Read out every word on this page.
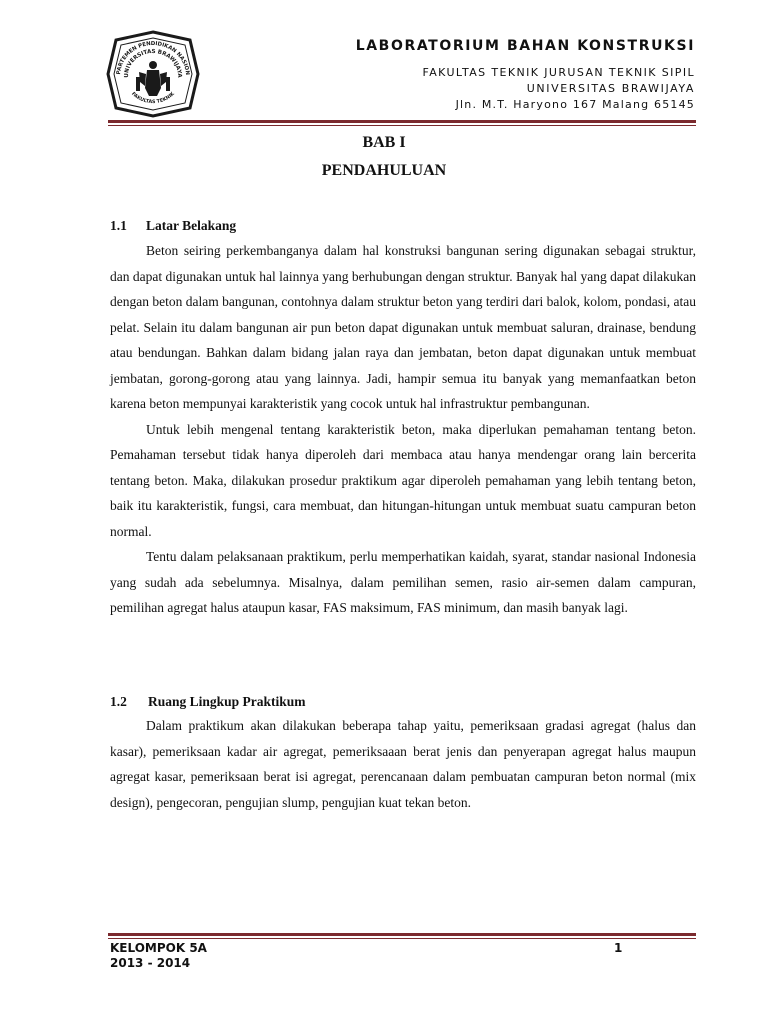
PARTEMEN PENDIDIKAN NASION
UNIVERSITAS BRAWIJAYA
FAKULTAS TEKNIK
LABORATORIUM BAHAN KONSTRUKSI
FAKULTAS TEKNIK JURUSAN TEKNIK SIPIL
UNIVERSITAS BRAWIJAYA
Jln. M.T. Haryono 167 Malang 65145
BAB I
PENDAHULUAN

1.1 Latar Belakang

Beton seiring perkembanganya dalam hal konstruksi bangunan sering digunakan sebagai struktur, dan dapat digunakan untuk hal lainnya yang berhubungan dengan struktur. Banyak hal yang dapat dilakukan dengan beton dalam bangunan, contohnya dalam struktur beton yang terdiri dari balok, kolom, pondasi, atau pelat. Selain itu dalam bangunan air pun beton dapat digunakan untuk membuat saluran, drainase, bendung atau bendungan. Bahkan dalam bidang jalan raya dan jembatan, beton dapat digunakan untuk membuat jembatan, gorong-gorong atau yang lainnya. Jadi, hampir semua itu banyak yang memanfaatkan beton karena beton mempunyai karakteristik yang cocok untuk hal infrastruktur pembangunan.

Untuk lebih mengenal tentang karakteristik beton, maka diperlukan pemahaman tentang beton. Pemahaman tersebut tidak hanya diperoleh dari membaca atau hanya mendengar orang lain bercerita tentang beton. Maka, dilakukan prosedur praktikum agar diperoleh pemahaman yang lebih tentang beton, baik itu karakteristik, fungsi, cara membuat, dan hitungan-hitungan untuk membuat suatu campuran beton normal.

Tentu dalam pelaksanaan praktikum, perlu memperhatikan kaidah, syarat, standar nasional Indonesia yang sudah ada sebelumnya. Misalnya, dalam pemilihan semen, rasio air-semen dalam campuran, pemilihan agregat halus ataupun kasar, FAS maksimum, FAS minimum, dan masih banyak lagi.

1.2 Ruang Lingkup Praktikum

Dalam praktikum akan dilakukan beberapa tahap yaitu, pemeriksaan gradasi agregat (halus dan kasar), pemeriksaan kadar air agregat, pemeriksaaan berat jenis dan penyerapan agregat halus maupun agregat kasar, pemeriksaan berat isi agregat, perencanaan dalam pembuatan campuran beton normal (mix design), pengecoran, pengujian slump, pengujian kuat tekan beton.

KELOMPOK 5A
2013 - 2014
1
